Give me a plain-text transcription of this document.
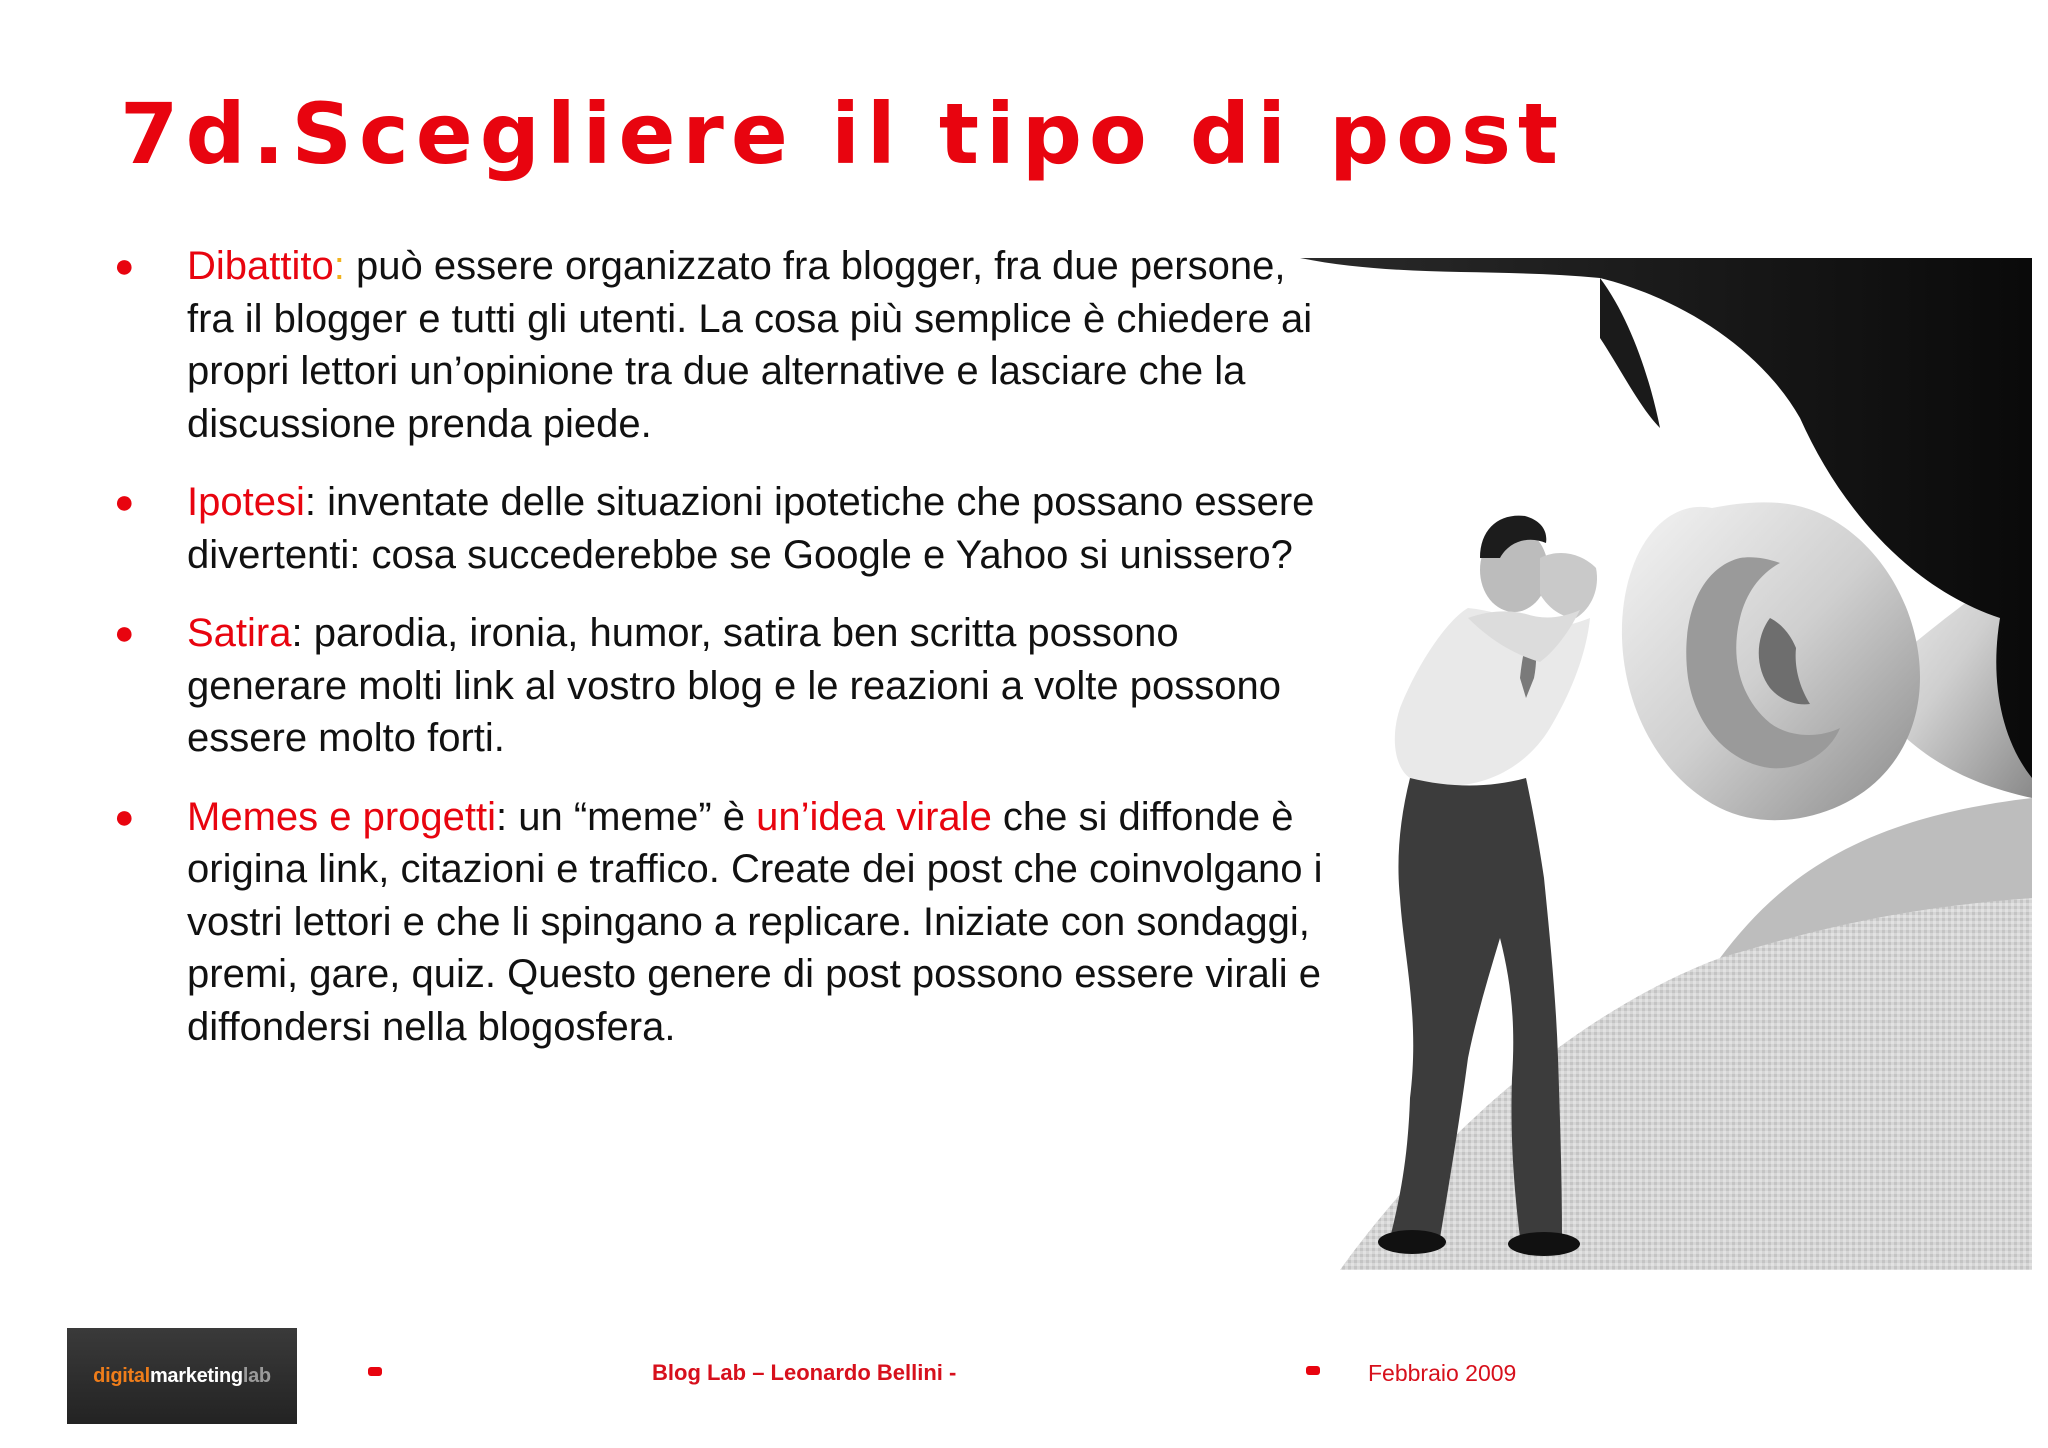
7d.Scegliere il tipo di post
● Dibattito: può essere organizzato fra blogger, fra due persone, fra il blogger e tutti gli utenti. La cosa più semplice è chiedere ai propri lettori un’opinione tra due alternative e lasciare che la discussione prenda piede.
● Ipotesi: inventate delle situazioni ipotetiche che possano essere divertenti: cosa succederebbe se Google e Yahoo si unissero?
● Satira: parodia, ironia, humor, satira ben scritta possono generare molti link al vostro blog e le reazioni a volte possono essere molto forti.
● Memes e progetti: un “meme” è un’idea virale che si diffonde è origina link, citazioni e traffico. Create dei post che coinvolgano i vostri lettori e che li spingano a replicare. Iniziate con sondaggi, premi, gare, quiz. Questo genere di post possono essere virali e diffondersi nella blogosfera.
digital marketing lab	Blog Lab – Leonardo Bellini -	Febbraio 2009
